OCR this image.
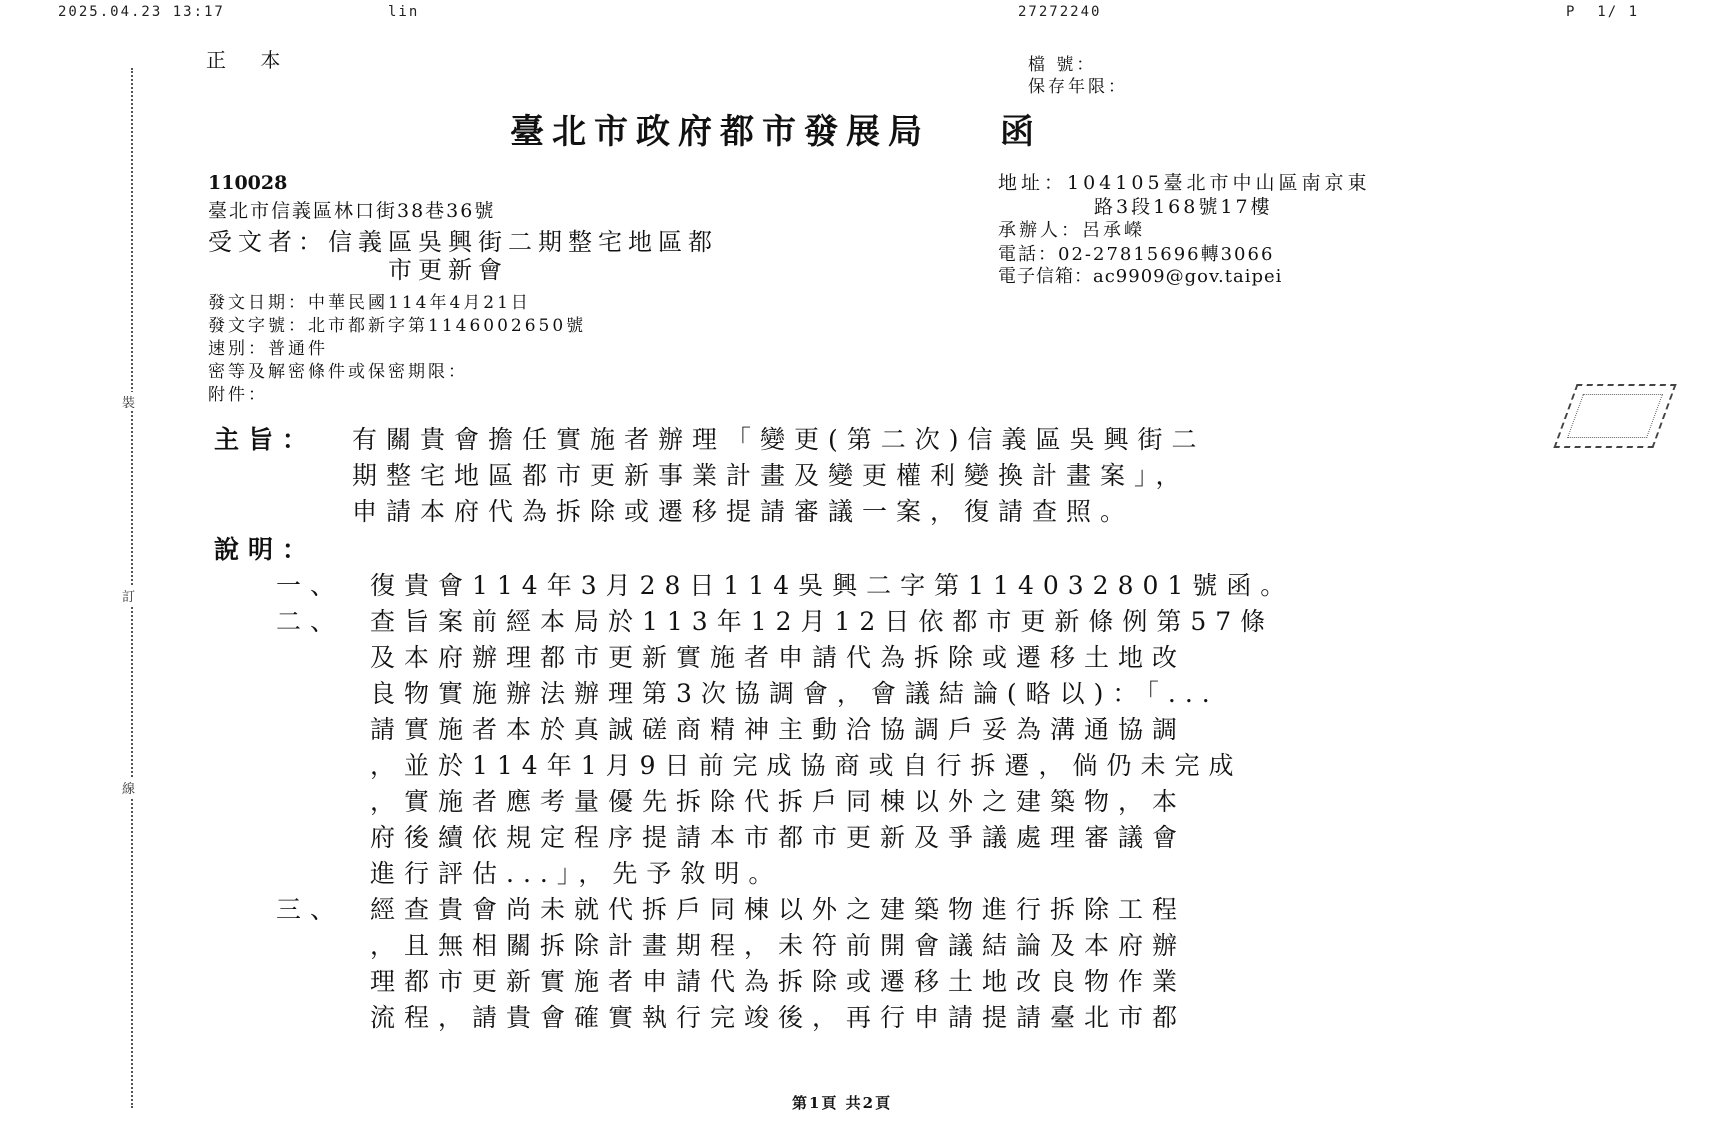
2025.04.23 13:17	lin	27272240	P  1/ 1
裝
訂
線
正 本	檔 號：
保存年限：
臺北市政府都市發展局 函
110028
臺北市信義區林口街38巷36號
受文者：信義區吳興街二期整宅地區都
市更新會
地址：104105臺北市中山區南京東
路3段168號17樓
承辦人：呂承嶸
電話：02-27815696轉3066
電子信箱：ac9909@gov.taipei
發文日期：中華民國114年4月21日
發文字號：北市都新字第1146002650號
速別：普通件
密等及解密條件或保密期限：
附件：
主旨： 有關貴會擔任實施者辦理「變更(第二次)信義區吳興街二
期整宅地區都市更新事業計畫及變更權利變換計畫案」，
申請本府代為拆除或遷移提請審議一案，復請查照。
說明：
一、 復貴會114年3月28日114吳興二字第114032801號函。
二、 查旨案前經本局於113年12月12日依都市更新條例第57條
及本府辦理都市更新實施者申請代為拆除或遷移土地改
良物實施辦法辦理第3次協調會，會議結論(略以)：「...
請實施者本於真誠磋商精神主動洽協調戶妥為溝通協調
，並於114年1月9日前完成協商或自行拆遷，倘仍未完成
，實施者應考量優先拆除代拆戶同棟以外之建築物，本
府後續依規定程序提請本市都市更新及爭議處理審議會
進行評估...」，先予敘明。
三、 經查貴會尚未就代拆戶同棟以外之建築物進行拆除工程
，且無相關拆除計畫期程，未符前開會議結論及本府辦
理都市更新實施者申請代為拆除或遷移土地改良物作業
流程，請貴會確實執行完竣後，再行申請提請臺北市都
第1頁 共2頁
